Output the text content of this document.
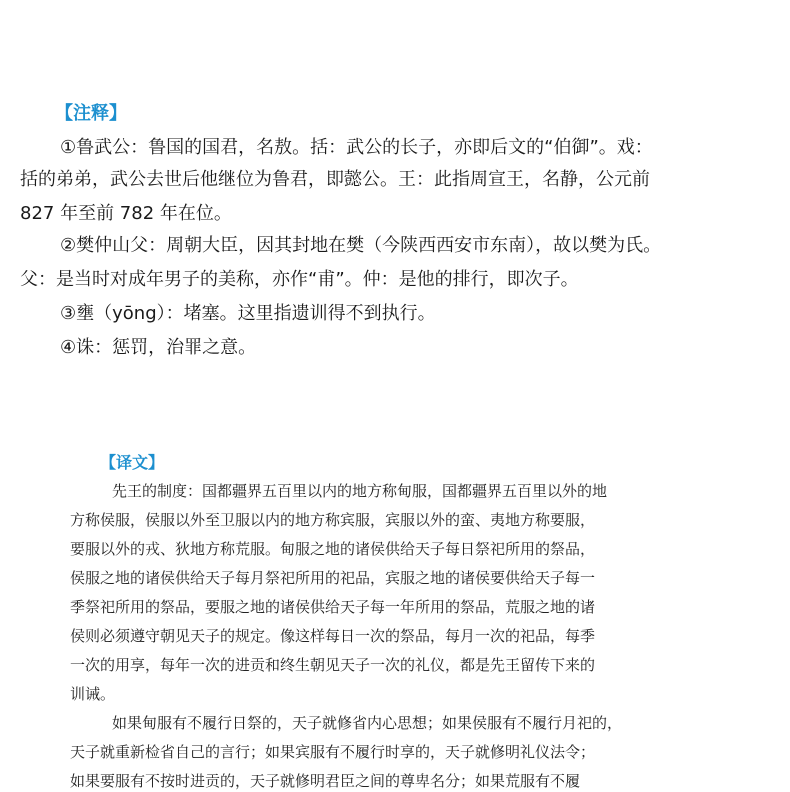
【注释】
①鲁武公：鲁国的国君，名敖。括：武公的长子，亦即后文的“伯御”。戏：
括的弟弟，武公去世后他继位为鲁君，即懿公。王：此指周宣王，名静，公元前
827 年至前 782 年在位。
②樊仲山父：周朝大臣，因其封地在樊（今陕西西安市东南），故以樊为氏。
父：是当时对成年男子的美称，亦作“甫”。仲：是他的排行，即次子。
③壅（yōng）：堵塞。这里指遗训得不到执行。
④诛：惩罚，治罪之意。
【译文】
先王的制度：国都疆界五百里以内的地方称甸服，国都疆界五百里以外的地
方称侯服，侯服以外至卫服以内的地方称宾服，宾服以外的蛮、夷地方称要服，
要服以外的戎、狄地方称荒服。甸服之地的诸侯供给天子每日祭祀所用的祭品，
侯服之地的诸侯供给天子每月祭祀所用的祀品，宾服之地的诸侯要供给天子每一
季祭祀所用的祭品，要服之地的诸侯供给天子每一年所用的祭品，荒服之地的诸
侯则必须遵守朝见天子的规定。像这样每日一次的祭品，每月一次的祀品，每季
一次的用享，每年一次的进贡和终生朝见天子一次的礼仪，都是先王留传下来的
训诫。
如果甸服有不履行日祭的，天子就修省内心思想；如果侯服有不履行月祀的，
天子就重新检省自己的言行；如果宾服有不履行时享的，天子就修明礼仪法令；
如果要服有不按时进贡的，天子就修明君臣之间的尊卑名分；如果荒服有不履
